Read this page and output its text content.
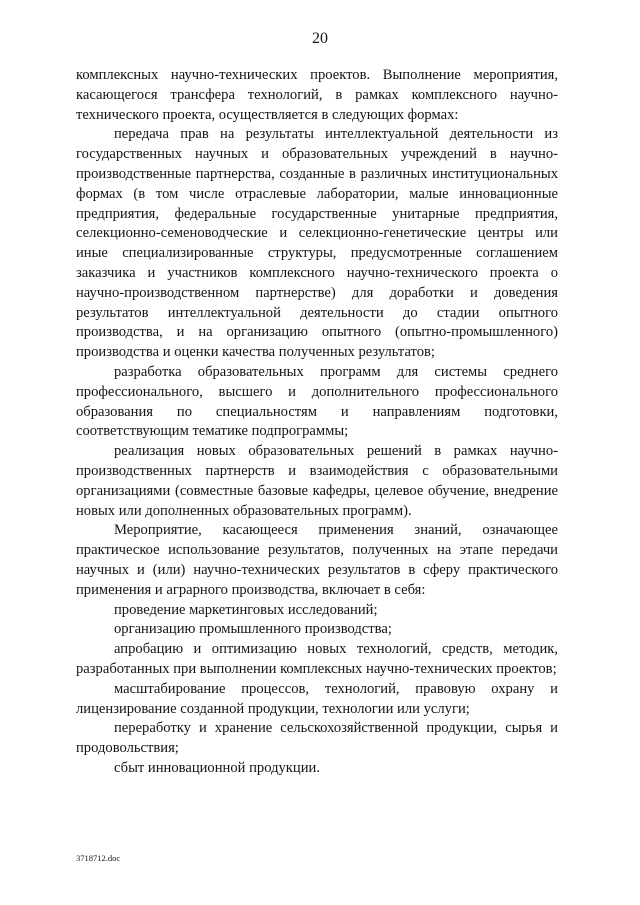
20

комплексных научно-технических проектов. Выполнение мероприятия, касающегося трансфера технологий, в рамках комплексного научно-технического проекта, осуществляется в следующих формах:

передача прав на результаты интеллектуальной деятельности из государственных научных и образовательных учреждений в научно-производственные партнерства, созданные в различных институциональных формах (в том числе отраслевые лаборатории, малые инновационные предприятия, федеральные государственные унитарные предприятия, селекционно-семеноводческие и селекционно-генетические центры или иные специализированные структуры, предусмотренные соглашением заказчика и участников комплексного научно-технического проекта о научно-производственном партнерстве) для доработки и доведения результатов интеллектуальной деятельности до стадии опытного производства, и на организацию опытного (опытно-промышленного) производства и оценки качества полученных результатов;

разработка образовательных программ для системы среднего профессионального, высшего и дополнительного профессионального образования по специальностям и направлениям подготовки, соответствующим тематике подпрограммы;

реализация новых образовательных решений в рамках научно-производственных партнерств и взаимодействия с образовательными организациями (совместные базовые кафедры, целевое обучение, внедрение новых или дополненных образовательных программ).

Мероприятие, касающееся применения знаний, означающее практическое использование результатов, полученных на этапе передачи научных и (или) научно-технических результатов в сферу практического применения и аграрного производства, включает в себя:

проведение маркетинговых исследований;

организацию промышленного производства;

апробацию и оптимизацию новых технологий, средств, методик, разработанных при выполнении комплексных научно-технических проектов;

масштабирование процессов, технологий, правовую охрану и лицензирование созданной продукции, технологии или услуги;

переработку и хранение сельскохозяйственной продукции, сырья и продовольствия;

сбыт инновационной продукции.

3718712.doc
